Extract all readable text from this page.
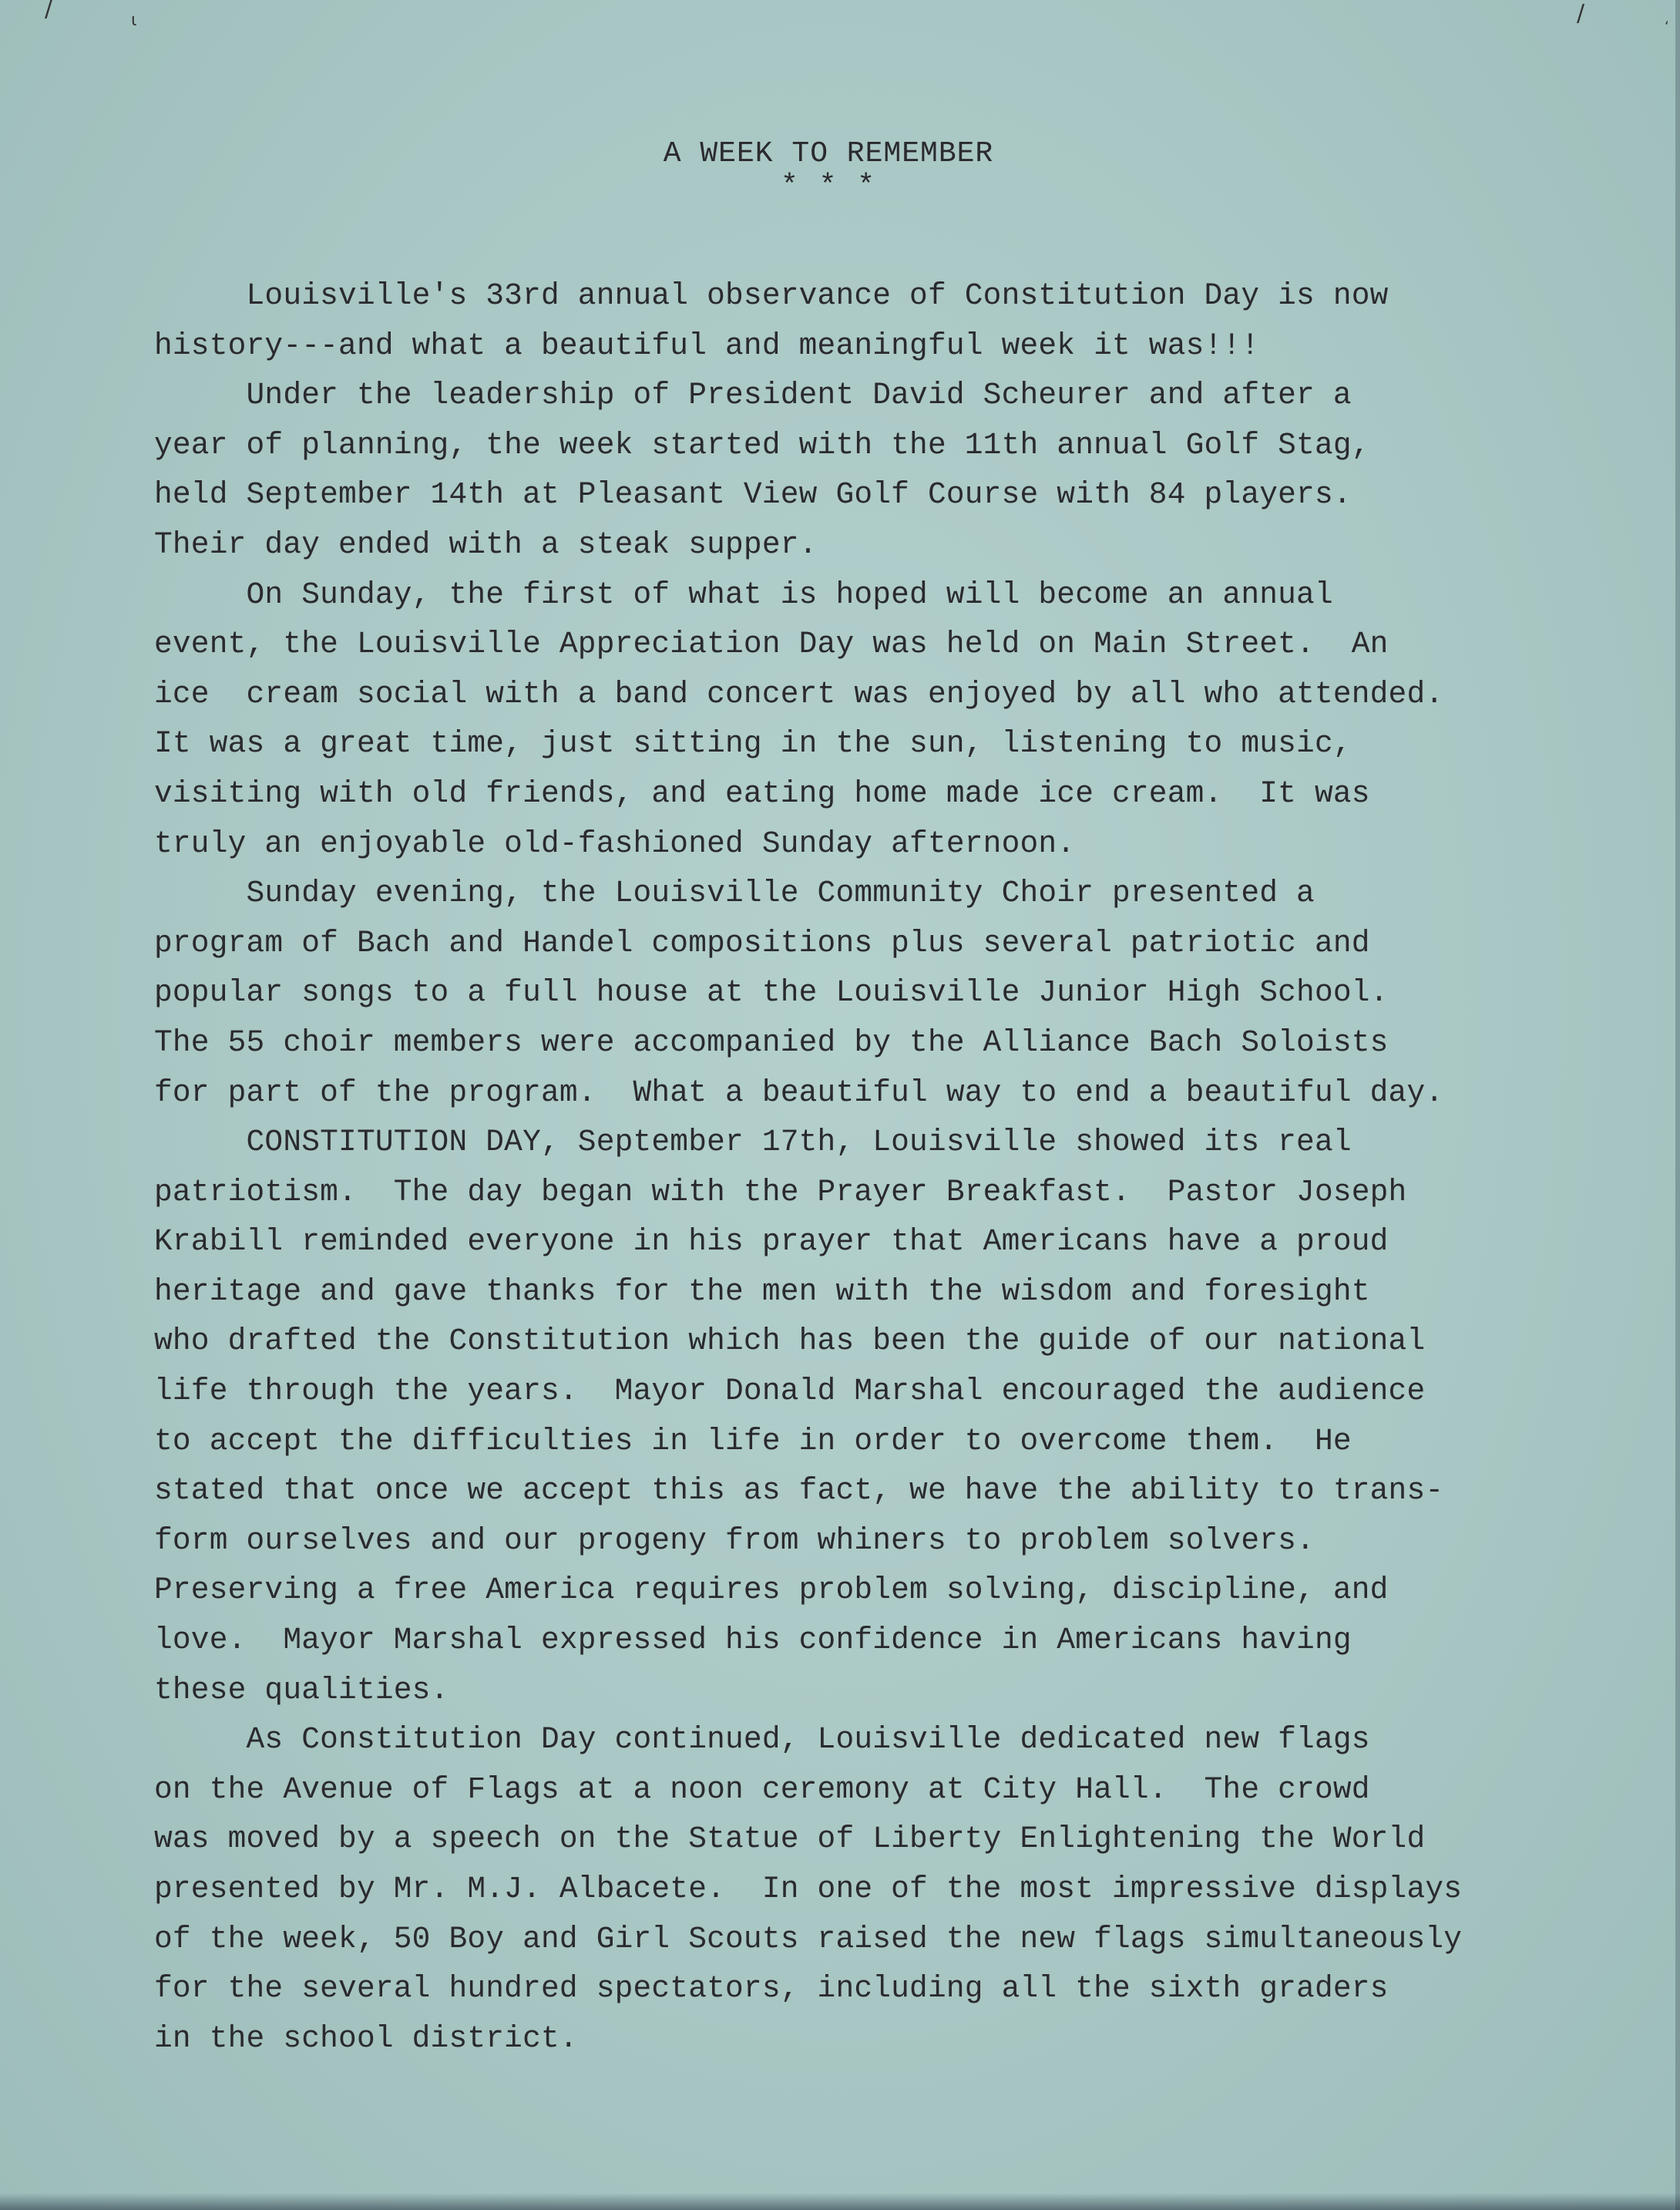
/	ɩ	/	ʻ
A WEEK TO REMEMBER
* * *
Louisville's 33rd annual observance of Constitution Day is now
history---and what a beautiful and meaningful week it was!!!
Under the leadership of President David Scheurer and after a
year of planning, the week started with the 11th annual Golf Stag,
held September 14th at Pleasant View Golf Course with 84 players.
Their day ended with a steak supper.
On Sunday, the first of what is hoped will become an annual
event, the Louisville Appreciation Day was held on Main Street.  An
ice  cream social with a band concert was enjoyed by all who attended.
It was a great time, just sitting in the sun, listening to music,
visiting with old friends, and eating home made ice cream.  It was
truly an enjoyable old-fashioned Sunday afternoon.
Sunday evening, the Louisville Community Choir presented a
program of Bach and Handel compositions plus several patriotic and
popular songs to a full house at the Louisville Junior High School.
The 55 choir members were accompanied by the Alliance Bach Soloists
for part of the program.  What a beautiful way to end a beautiful day.
CONSTITUTION DAY, September 17th, Louisville showed its real
patriotism.  The day began with the Prayer Breakfast.  Pastor Joseph
Krabill reminded everyone in his prayer that Americans have a proud
heritage and gave thanks for the men with the wisdom and foresight
who drafted the Constitution which has been the guide of our national
life through the years.  Mayor Donald Marshal encouraged the audience
to accept the difficulties in life in order to overcome them.  He
stated that once we accept this as fact, we have the ability to trans-
form ourselves and our progeny from whiners to problem solvers.
Preserving a free America requires problem solving, discipline, and
love.  Mayor Marshal expressed his confidence in Americans having
these qualities.
As Constitution Day continued, Louisville dedicated new flags
on the Avenue of Flags at a noon ceremony at City Hall.  The crowd
was moved by a speech on the Statue of Liberty Enlightening the World
presented by Mr. M.J. Albacete.  In one of the most impressive displays
of the week, 50 Boy and Girl Scouts raised the new flags simultaneously
for the several hundred spectators, including all the sixth graders
in the school district.
